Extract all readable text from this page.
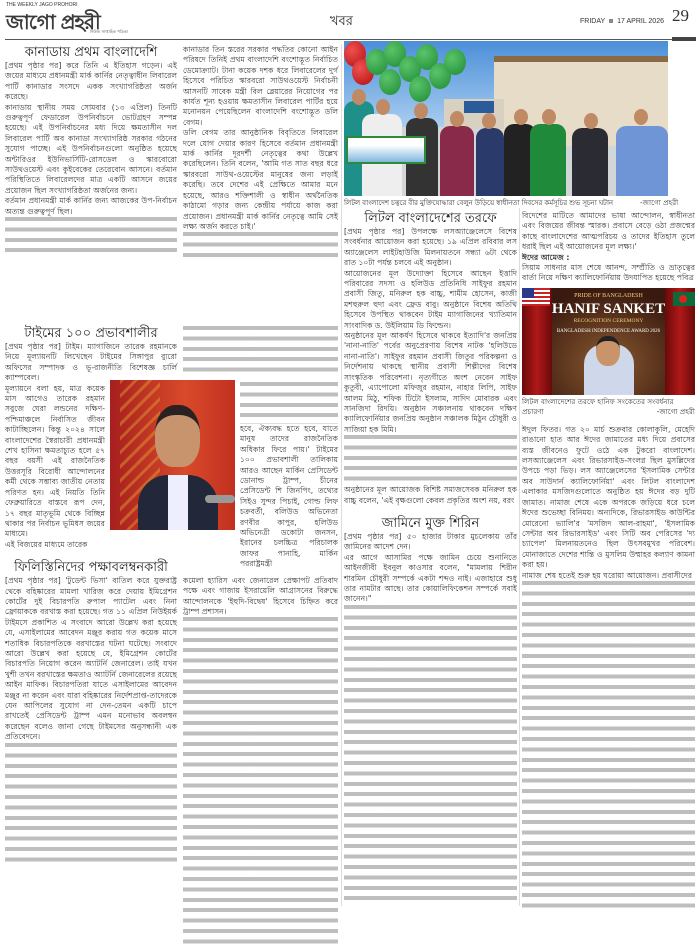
THE WEEKLY JAGO PROHORI
জাগো প্রহরী
নিউজ সাপ্তাহিক পত্রিকা
খবর	FRIDAY 17 APRIL 2026 29
কানাডায় প্রথম বাংলাদেশি

[প্রথম পৃষ্ঠার পর] করে তিনি এ ইতিহাস গড়েন। এই জয়ের মাধ্যমে প্রধানমন্ত্রী মার্ক কার্নির নেতৃত্বাধীন লিবারেল পার্টি কানাডার সংসদে একক সংখ্যাগরিষ্ঠতা অর্জন করেছে।

কানাডায় স্থানীয় সময় সোমবার (১৩ এপ্রিল) তিনটি গুরুত্বপূর্ণ ফেডারেল উপনির্বাচনে ভোটগ্রহণ সম্পন্ন হয়েছে। এই উপনির্বাচনের মধ্য দিয়ে ক্ষমতাসীন দল লিবারেল পার্টি অব কানাডা সংখ্যাগরিষ্ঠ সরকার গঠনের সুযোগ পাচ্ছে। এই উপনির্বাচনগুলো অনুষ্ঠিত হয়েছে অন্টারিওর ইউনিভার্সিটি-রোসডেল ও স্কারবোরো সাউথওয়েস্ট এবং কুইবেকের তেরেবোন আসনে। বর্তমান পরিস্থিতিতে লিবারেলদের মাত্র একটি আসনে জয়ের প্রয়োজন ছিল সংখ্যাগরিষ্ঠতা অর্জনের জন্য।

বর্তমান প্রধানমন্ত্রী মার্ক কার্নির জন্য আজকের উপ-নির্বাচন অত্যন্ত গুরুত্বপূর্ণ ছিল।

কানাডার তিন স্তরের সরকার পদ্ধতির কোনো আইন পরিষদে তিনিই প্রথম বাংলাদেশি বংশোদ্ভূত নির্বাচিত ডেমোক্র্যাট। টানা কয়েক দশক ধরে লিবারেলের দুর্গ হিসেবে পরিচিত স্কারবরো সাউথওয়েস্ট নির্বাচনী আসনটি সাবেক মন্ত্রী বিল ব্লেয়ারের নিয়োগের পর কার্যত শূন্য হওয়ায় ক্ষমতাসীন লিবারেল পার্টির হয়ে মনোনয়ন পেয়েছিলেন বাংলাদেশি বংশোদ্ভূত ডলি বেগম।

ডলি বেগম তার আনুষ্ঠানিক বিবৃতিতে লিবারেল দলে যোগ দেয়ার কারণ হিসেবে বর্তমান প্রধানমন্ত্রী মার্ক কার্নির দূরদর্শী নেতৃত্বের কথা উল্লেখ করেছিলেন। তিনি বলেন, 'আমি গত সাত বছর ধরে স্কারবরো সাউথ-ওয়েস্টের মানুষের জন্য লড়াই করেছি। তবে দেশের এই প্রেক্ষিতে আমার মনে হয়েছে, আরও শক্তিশালী ও স্বাধীন অর্থনৈতিক কাঠামো গড়ার জন্য কেন্দ্রীয় পর্যায়ে কাজ করা প্রয়োজন। প্রধানমন্ত্রী মার্ক কার্নির নেতৃত্বে আমি সেই লক্ষ্য অর্জন করতে চাই।'

টাইমের ১০০ প্রভাবশালীর

[প্রথম পৃষ্ঠার পর] টাইম। ম্যাগাজিনে তারেক রহমানকে নিয়ে মূল্যায়নটি লিখেছেন টাইমের সিঙ্গাপুর ব্যুরো অফিসের সম্পাদক ও ভূ-রাজনীতি বিশেষজ্ঞ চার্লি ক্যাম্পবেল।

মূল্যায়নে বলা হয়, মাত্র কয়েক মাস আগেও তারেক রহমান সবুজে ঘেরা লন্ডনের দক্ষিণ-পশ্চিমাঞ্চলে নির্বাসিত জীবন কাটাচ্ছিলেন। কিন্তু ২০২৪ সালে বাংলাদেশের স্বৈরাচারী প্রধানমন্ত্রী শেখ হাসিনা ক্ষমতাচ্যুত হলে ৫৭ বছর বয়সী এই রাজনৈতিক উত্তরসূরি বিরোধী আন্দোলনের কর্মী থেকে সম্ভাব্য জাতীয় নেতায় পরিণত হন। এই নিয়তি তিনি ফেব্রুয়ারিতে বাস্তবে রূপ দেন, ১৭ বছর মাতৃভূমি থেকে বিচ্ছিন্ন থাকার পর নির্বাচন ভূমিধস জয়ের মাধ্যমে।

এই বিজয়ের মাধ্যমে তারেক

ফিলিস্তিনিদের পক্ষাবলম্বনকারী

[প্রথম পৃষ্ঠার পর] 'টুডেন্ট ভিসা' বাতিল করে যুক্তরাষ্ট্র থেকে বহিষ্কারের মামলা খারিজ করে দেয়ায় ইমিগ্রেশন কোর্টের দুই বিচারপতি রুপাল প্যাটেল এবং নিনা ফ্রোয়াককে বরখাস্ত করা হয়েছে। গত ১১ এপ্রিল নিউইয়র্ক টাইমসে প্রকাশিত এ সংবাদে আরো উল্লেখ করা হয়েছে যে, এসাইলামের আবেদন মঞ্জুর করায় গত কয়েক মাসে শতাধিক বিচারপতিকে বরখাস্তের ঘটনা ঘটেছে। সংবাদে আরো উল্লেখ করা হয়েছে যে, ইমিগ্রেশন কোর্টের বিচারপতি নিয়োগ করেন অ্যাটর্নি জেনারেল। তাই যখন খুশী তখন বরখাস্তের ক্ষমতাও অ্যাটর্নি জেনারেলের রয়েছে আইন মাফিক। বিচারপতিরা যাতে এসাইলামের আবেদন মঞ্জুর না করেন এবং যারা বহিষ্কারের নির্দেশপ্রাপ্ত-তাদেরকে যেন আপিলের সুযোগ না দেন-তেমন একটি চাপে রাখতেই প্রেসিডেন্ট ট্রাম্প এমন মনোভাব অবলম্বন করেছেন বলেও জানা গেছে টাইমসের অনুসন্ধানী এক প্রতিবেদনে।

হবে, ঐক্যবদ্ধ হতে হবে, যাতে মানুষ তাদের রাজনৈতিক অধিকার ফিরে পায়।' টাইমের ১০০ প্রভাবশালী তালিকায় আরও আছেন মার্কিন প্রেসিডেন্ট ডোনাল্ড ট্রাম্প, চীনের প্রেসিডেন্ট শি জিনপিং, তথ্যের সিইও সুন্দর পিচাই, গোল্ড লিফ চক্রবর্তী, বলিউড অভিনেতা রণবীর কাপুর, হলিউড অভিনেত্রী ডকোটা জনসন, ইরানের চলচ্চিত্র পরিচালক জাফর পানাহি, মার্কিন পররাষ্ট্রমন্ত্রী

কমেলা হ্যারিস এবং জেনারেল প্রেক্ষাপট প্রতিবাদ পক্ষে এবং গাজায় ইসরায়েলি আগ্রাসনের বিরুদ্ধে আন্দোলনকে 'ইহুদি-বিদ্বেষ' হিসেবে চিহ্নিত করে ট্রাম্প প্রশাসন।

লিটল বাংলাদেশ চত্বরে বীর মুক্তিযোদ্ধারা বেলুন উড়িয়ে স্বাধীনতা দিবসের কর্মসূচির শুভ সূচনা ঘটান	-জাগো প্রহরী
লিটল বাংলাদেশের তরফে

[প্রথম পৃষ্ঠার পর] উপলক্ষে লসঅ্যাঞ্জেলেসে বিশেষ সংবর্ধনার আয়োজন করা হয়েছে। ১৯ এপ্রিল রবিবার লস অ্যাঞ্জেলেস লাইটহাউজি মিলনায়তনে সন্ধ্যা ৬টা থেকে রাত ১০টা পর্যন্ত চলবে এই অনুষ্ঠান।

আয়োজনের মূল উদ্যোক্তা হিসেবে আছেন ইত্তাদি পরিবারের সদস্য ও হলিউড প্রতিনিধি সাইফুর রহমান প্রবাসী জিতু, মনিরুল হক বাচ্চু, শামীম হোসেন, কাজী মশহুরুল হুদা এবং ফ্রেড বাবু। অনুষ্ঠানে বিশেষ অতিথি হিসেবে উপস্থিত থাকবেন টাইম ম্যাগাজিনের খ্যাতিমান সাংবাদিক ড. উইলিয়াম ডি ফিল্ডেন।

অনুষ্ঠানের মূল আকর্ষণ হিসেবে থাকবে ইত্যাদি'র জনপ্রিয় 'নানা-নাতি' পর্বের অনুপ্রেরণায় বিশেষ নাটক 'হলিউডে নানা-নাতি'। সাইফুর রহমান প্রবাসী জিতুর পরিকল্পনা ও নির্দেশনায় থাকছে স্থানীয় প্রবাসী শিল্পীদের বিশেষ সাংস্কৃতিক পরিবেশনা। নৃত্যগীতে অংশ নেবেন সাইফ কুতুবী, এ্যাপোলো মফিজুর রহমান, নাহার লিপি, সাইফ আলম মিঠু, শফিক টিটো ইসলাম, সাদিদ মোবারক এবং সানজিদা রিদয়ি। অনুষ্ঠান সঞ্চালনায় থাকবেন দক্ষিণ ক্যালিফোর্নিয়ার জনপ্রিয় অনুষ্ঠান সঞ্চালক মিঠুন চৌধুরী ও সাজিয়া হক মিমি।

অনুষ্ঠানের মূল আয়োজক বিশিষ্ট সমাজসেবক মনিরুল হক বাচ্চু বলেন, 'এই বৃক্ষগুলো কেবল প্রকৃতির অংশ নয়, বরং

জামিনে মুক্ত শিরিন

[প্রথম পৃষ্ঠার পর] ৫০ হাজার টাকার মুচলেকায় তাঁর জামিনের আদেশ দেন।

এর আগে আসামির পক্ষে জামিন চেয়ে শুনানিতে আইনজীবী ইবনুল কাওসার বলেন, "মামলায় শিরীন শারমিন চৌধুরী সম্পর্কে একটা শব্দও নাই। এজাহারে শুধু তার নামটার আছে। তার কোয়ালিফিকেশন সম্পর্কে সবাই জানেন।"

বিদেশের মাটিতে আমাদের ভাষা আন্দোলন, স্বাধীনতা এবং বিজয়ের জীবন্ত স্মারক। প্রবাসে বেড়ে ওঠা প্রজন্মের কাছে বাংলাদেশের আত্মপরিচয় ও তাদের ইতিহাস তুলে ধরাই ছিল এই আয়োজনের মূল লক্ষ্য।'

ঈদের আমেজ :

সিয়াম সাধনার মাস শেষে আনন্দ, সম্প্রীতি ও ভ্রাতৃত্বের বার্তা নিয়ে দক্ষিণ ক্যালিফোর্নিয়ায় উদযাপিত হয়েছে পবিত্র

PRIDE OF BANGLADESH
HANIF SANKET
RECOGNITION CEREMONY
BANGLADESH INDEPENDENCE AWARD 2026
লিটল বাংলাদেশের তরফে হানিফ সংকেতের সংবর্ধনার প্রচারণা	-জাগো প্রহরী

ঈদুল ফিতর। গত ২০ মার্চ শুক্রবার কোলাকুলি, মেহেদি রাঙানো হাত আর ঈদের জামাতের মধ্য দিয়ে প্রবাসের ব্যস্ত জীবনেও ফুটে ওঠে এক টুকরো বাংলাদেশ। লসঅ্যাঞ্জেলেস এবং রিভারসাইড-সংলগ্ন ছিল মুসল্লিদের উপচে পড়া ভিড়। লস অ্যাঞ্জেলেসের 'ইসলামিক সেন্টার অব সাউদার্ন ক্যালিফোর্নিয়া' এবং লিটল বাংলাদেশ এলাকার মসজিদগুলোতে অনুষ্ঠিত হয় ঈদের বড় দুটি জামাত। নামাজ শেষে একে অপরকে জড়িয়ে ধরে চলে ঈদের শুভেচ্ছা বিনিময়। অন্যদিকে, রিভারসাইড কাউন্টির মোরেনো ভ্যালি'র 'মসজিদ আল-রাহমা', 'ইসলামিক সেন্টার অব রিভারসাইড' এবং সিটি অব পেরিসের 'দ্য চ্যাপেল' মিলনায়তনেও ছিল উৎসবমুখর পরিবেশ। মোনাজাতে দেশের শান্তি ও মুসলিম উম্মাহর কল্যাণ কামনা করা হয়।

নামাজ শেষ হতেই শুরু হয় ঘরোয়া আয়োজন। প্রবাসীদের
